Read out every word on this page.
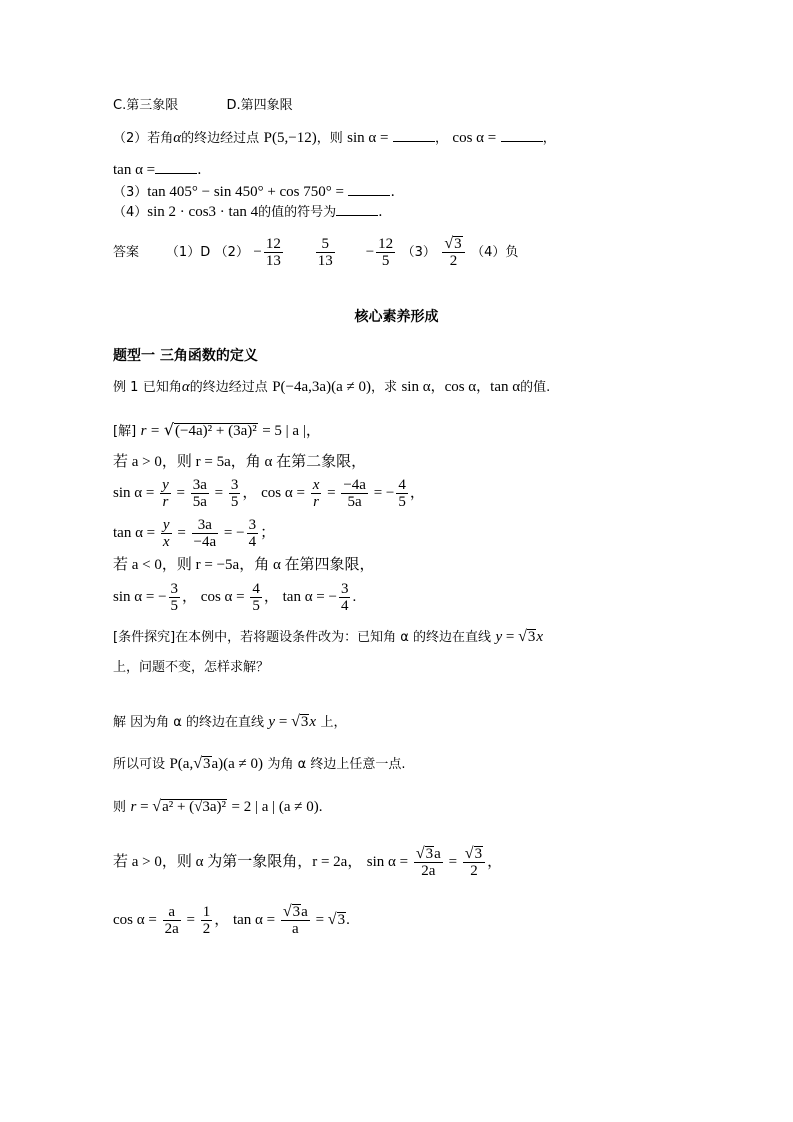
C.第三象限	D.第四象限
（2）若角α的终边经过点 P(5,−12)，则 sin α =	， cos α =	，
tan α =	.
（3）tan 405° − sin 450° + cos 750° =	.
（4）sin 2 · cos3 · tan 4的值的符号为	.
答案 （1）D $(2) - \frac{12}{13}$
$\frac{5}{13} - \frac{12}{5} (3) \frac{√3}{2} (4)$负
核心素养形成
题型一 三角函数的定义
例 1 已知角α的终边经过点 P(−4a,3a)(a ≠ 0)，求 sin α，cos α，tan α的值.
[解] r = √(−4a)² + (3a)² = 5 | a |，
若 a > 0，则 r = 5a，角 α 在第二象限，
$\sin \alpha = \frac{y}{r} = \frac{3a}{5a} = \frac{3}{5}$ ， $\cos \alpha = \frac{x}{r} = \frac{-4a}{5a}$ = − $\frac{4}{5}$ ，
$\tan \alpha = \frac{y}{x} = \frac{3a}{-4a}$ = − $\frac{3}{4}$ ；
若 a < 0，则 r = −5a，角 α 在第四象限，
sin α = − $\frac{3}{5}$ ， $\cos \alpha = \frac{4}{5}$ ， tan α = − $\frac{3}{4}$ .
[条件探究]在本例中，若将题设条件改为：已知角 α 的终边在直线 y = √3x
上，问题不变，怎样求解？
解 因为角 α 的终边在直线 y = √3x 上，
所以可设 P(a,√3a)(a ≠ 0) 为角 α 终边上任意一点.
则 r = √a² + (√3a)² = 2 | a | (a ≠ 0).
若 a > 0，则 α 为第一象限角，r = 2a， $\sin \alpha = \frac{√3a}{2a} = \frac{√3}{2}$ ，
$\cos \alpha = \frac{a}{2a} = \frac{1}{2}$ ， $\tan \alpha = \frac{√3a}{a} = √3$.
